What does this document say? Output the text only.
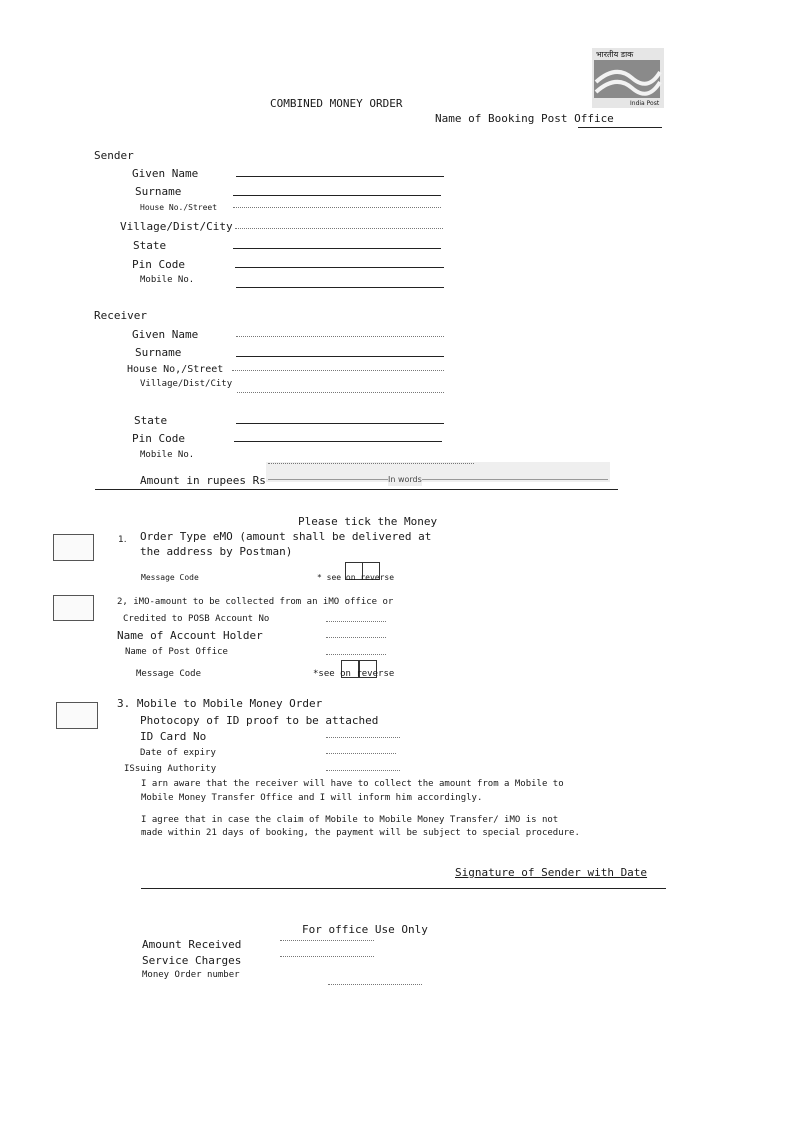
भारतीय डाक
India Post
COMBINED MONEY ORDER
Name of Booking Post Office
Sender
Given Name
Surname
House No./Street
Village/Dist/City
State
Pin Code
Mobile No.
Receiver
Given Name
Surname
House No,/Street
Village/Dist/City
State
Pin Code
Mobile No.
Amount in rupees Rs	In words
Please tick the Money
1. Order Type eMO (amount shall be delivered at
the address by Postman)
Message Code	* see on reverse
2, iMO-amount to be collected from an iMO office or
Credited to POSB Account No
Name of Account Holder
Name of Post Office
Message Code	*see on reverse
3. Mobile to Mobile Money Order
Photocopy of ID proof to be attached
ID Card No
Date of expiry
ISsuing Authority
I arn aware that the receiver will have to collect the amount from a Mobile to
Mobile Money Transfer Office and I will inform him accordingly.
I agree that in case the claim of Mobile to Mobile Money Transfer/ iMO is not
made within 21 days of booking, the payment will be subject to special procedure.
Signature of Sender with Date
For office Use Only
Amount Received
Service Charges
Money Order number
